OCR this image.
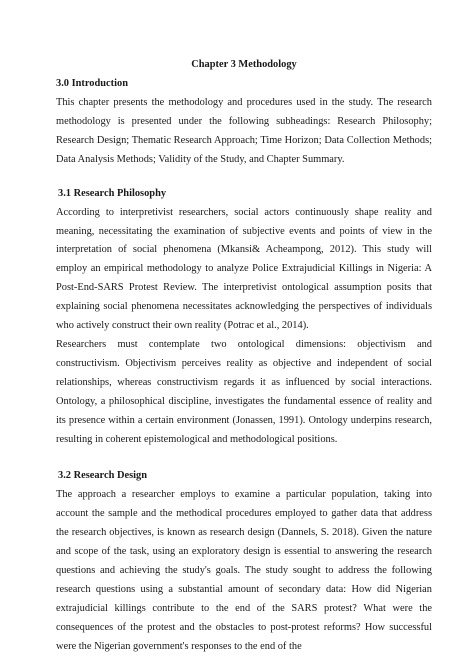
Chapter 3 Methodology
3.0 Introduction

This chapter presents the methodology and procedures used in the study. The research methodology is presented under the following subheadings: Research Philosophy; Research Design; Thematic Research Approach; Time Horizon; Data Collection Methods; Data Analysis Methods; Validity of the Study, and Chapter Summary.

3.1 Research Philosophy

According to interpretivist researchers, social actors continuously shape reality and meaning, necessitating the examination of subjective events and points of view in the interpretation of social phenomena (Mkansi& Acheampong, 2012). This study will employ an empirical methodology to analyze Police Extrajudicial Killings in Nigeria: A Post-End-SARS Protest Review. The interpretivist ontological assumption posits that explaining social phenomena necessitates acknowledging the perspectives of individuals who actively construct their own reality (Potrac et al., 2014).

Researchers must contemplate two ontological dimensions: objectivism and constructivism. Objectivism perceives reality as objective and independent of social relationships, whereas constructivism regards it as influenced by social interactions. Ontology, a philosophical discipline, investigates the fundamental essence of reality and its presence within a certain environment (Jonassen, 1991). Ontology underpins research, resulting in coherent epistemological and methodological positions.

3.2 Research Design

The approach a researcher employs to examine a particular population, taking into account the sample and the methodical procedures employed to gather data that address the research objectives, is known as research design (Dannels, S. 2018). Given the nature and scope of the task, using an exploratory design is essential to answering the research questions and achieving the study's goals. The study sought to address the following research questions using a substantial amount of secondary data: How did Nigerian extrajudicial killings contribute to the end of the SARS protest? What were the consequences of the protest and the obstacles to post-protest reforms? How successful were the Nigerian government's responses to the end of the
